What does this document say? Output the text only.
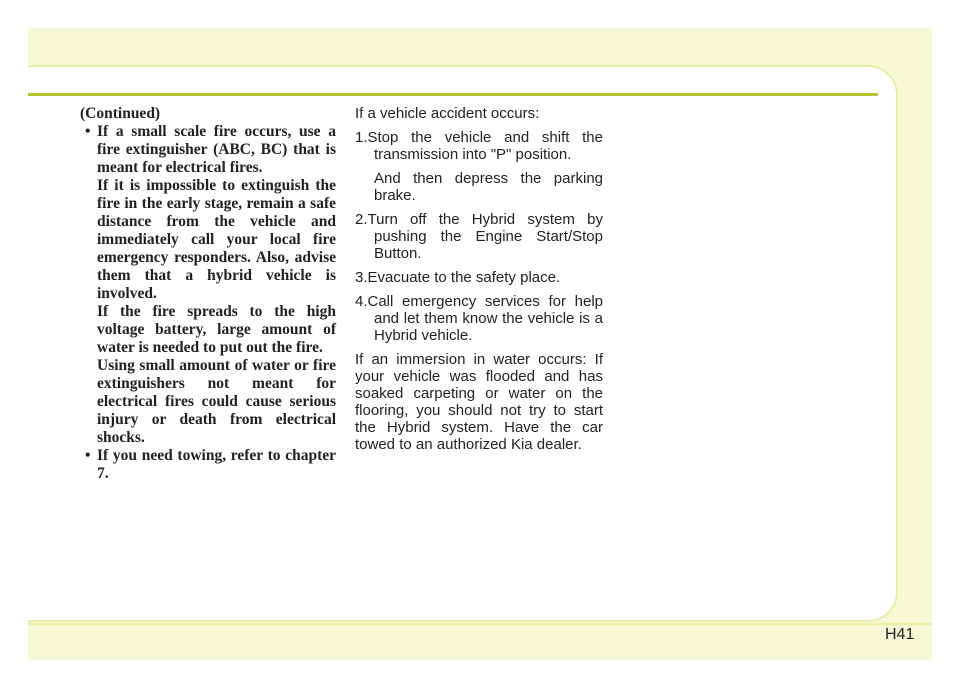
(Continued)

• If a small scale fire occurs, use a fire extinguisher (ABC, BC) that is meant for electrical fires.

If it is impossible to extinguish the fire in the early stage, remain a safe distance from the vehicle and immediately call your local fire emergency responders. Also, advise them that a hybrid vehicle is involved.

If the fire spreads to the high voltage battery, large amount of water is needed to put out the fire.

Using small amount of water or fire extinguishers not meant for electrical fires could cause serious injury or death from electrical shocks.

• If you need towing, refer to chapter 7.

If a vehicle accident occurs:

1.Stop the vehicle and shift the transmission into "P" position.

And then depress the parking brake.

2.Turn off the Hybrid system by pushing the Engine Start/Stop Button.

3.Evacuate to the safety place.

4.Call emergency services for help and let them know the vehicle is a Hybrid vehicle.

If an immersion in water occurs: If your vehicle was flooded and has soaked carpeting or water on the flooring, you should not try to start the Hybrid system. Have the car towed to an authorized Kia dealer.

H41
